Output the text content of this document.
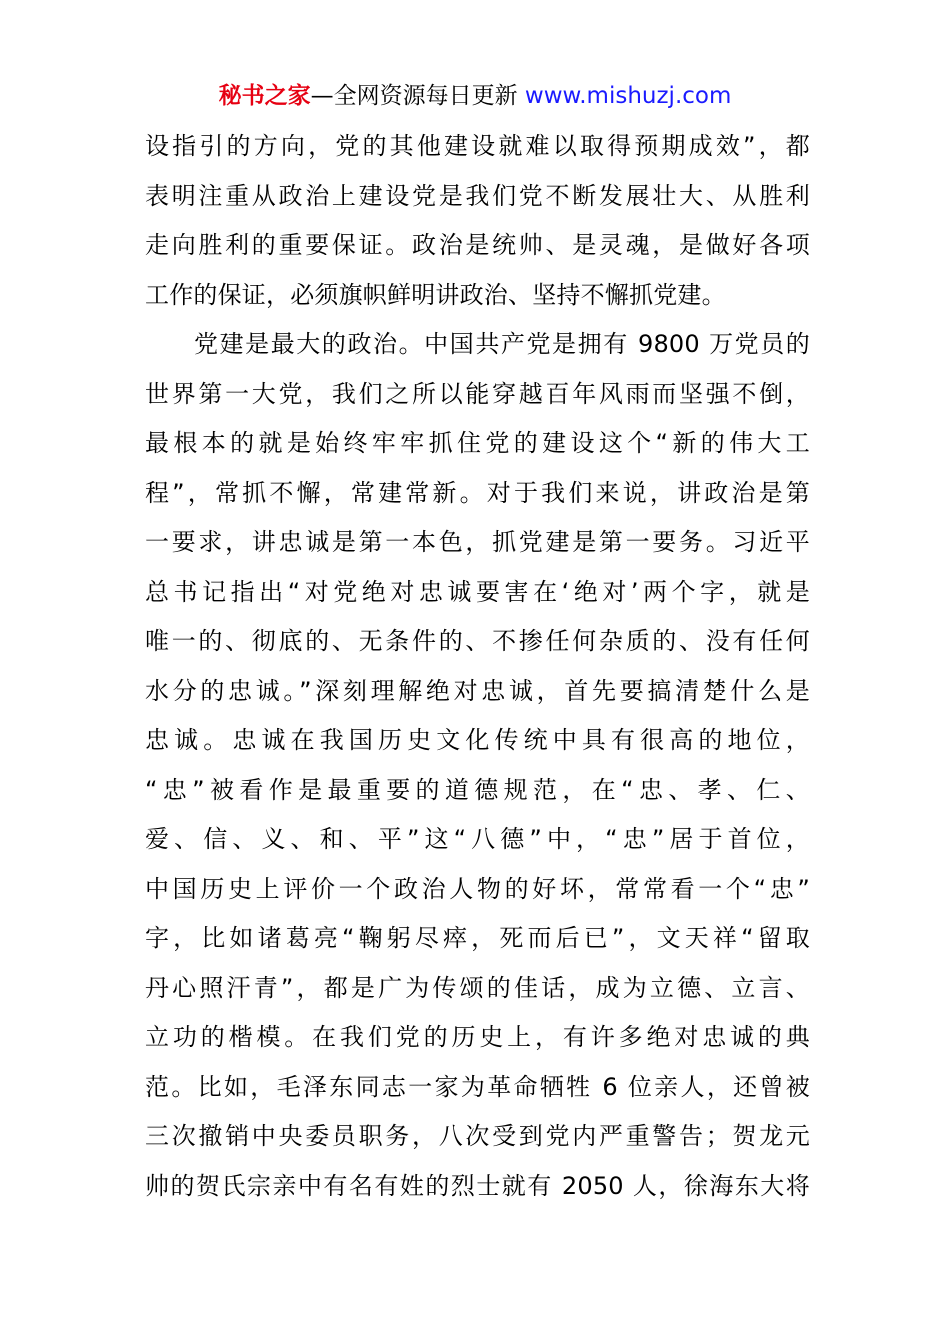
秘书之家—全网资源每日更新 www.mishuzj.com
设指引的方向，党的其他建设就难以取得预期成效”，都
表明注重从政治上建设党是我们党不断发展壮大、从胜利
走向胜利的重要保证。政治是统帅、是灵魂，是做好各项
工作的保证，必须旗帜鲜明讲政治、坚持不懈抓党建。
党建是最大的政治。中国共产党是拥有 9800 万党员的
世界第一大党，我们之所以能穿越百年风雨而坚强不倒，
最根本的就是始终牢牢抓住党的建设这个“新的伟大工
程”，常抓不懈，常建常新。对于我们来说，讲政治是第
一要求，讲忠诚是第一本色，抓党建是第一要务。习近平
总书记指出“对党绝对忠诚要害在‘绝对’两个字，就是
唯一的、彻底的、无条件的、不掺任何杂质的、没有任何
水分的忠诚。”深刻理解绝对忠诚，首先要搞清楚什么是
忠诚。忠诚在我国历史文化传统中具有很高的地位，
“忠”被看作是最重要的道德规范，在“忠、孝、仁、
爱、信、义、和、平”这“八德”中，“忠”居于首位，
中国历史上评价一个政治人物的好坏，常常看一个“忠”
字，比如诸葛亮“鞠躬尽瘁，死而后已”，文天祥“留取
丹心照汗青”，都是广为传颂的佳话，成为立德、立言、
立功的楷模。在我们党的历史上，有许多绝对忠诚的典
范。比如，毛泽东同志一家为革命牺牲 6 位亲人，还曾被
三次撤销中央委员职务，八次受到党内严重警告；贺龙元
帅的贺氏宗亲中有名有姓的烈士就有 2050 人，徐海东大将
